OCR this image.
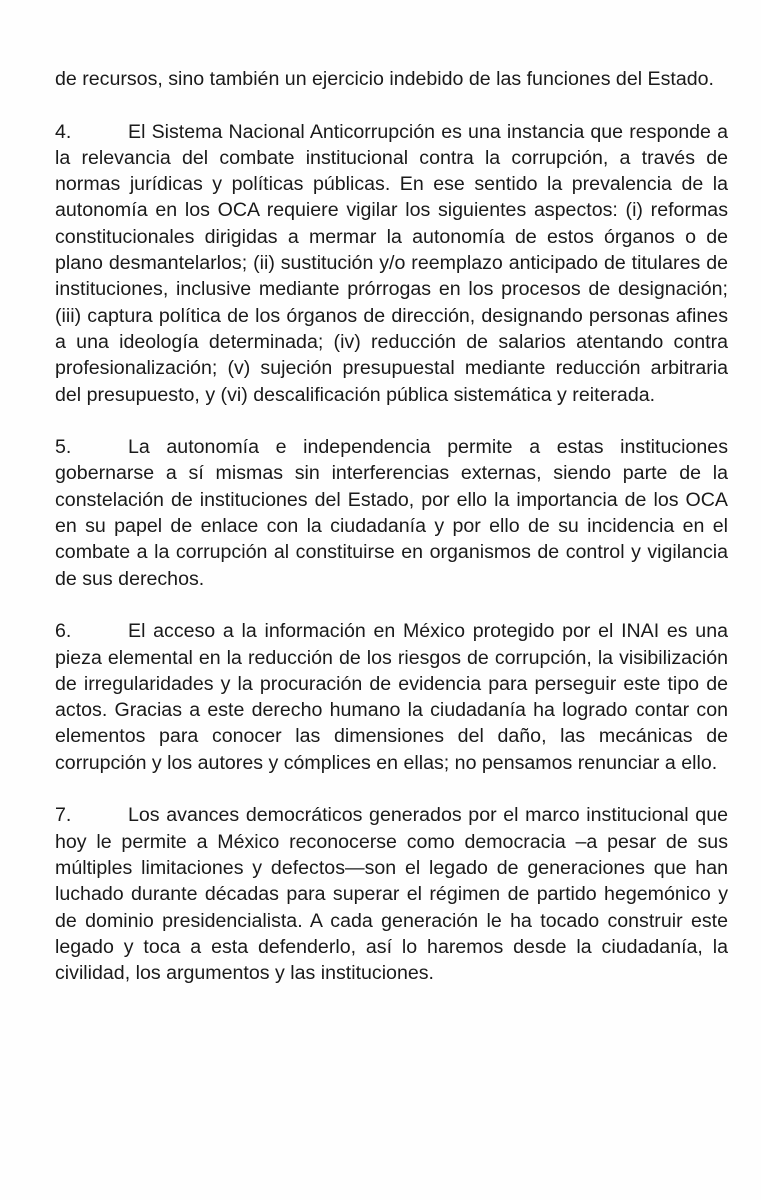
de recursos, sino también un ejercicio indebido de las funciones del Estado.

4.	El Sistema Nacional Anticorrupción es una instancia que responde a la relevancia del combate institucional contra la corrupción, a través de normas jurídicas y políticas públicas. En ese sentido la prevalencia de la autonomía en los OCA requiere vigilar los siguientes aspectos: (i) reformas constitucionales dirigidas a mermar la autonomía de estos órganos o de plano desmantelarlos; (ii) sustitución y/o reemplazo anticipado de titulares de instituciones, inclusive mediante prórrogas en los procesos de designación; (iii) captura política de los órganos de dirección, designando personas afines a una ideología determinada; (iv) reducción de salarios atentando contra profesionalización; (v) sujeción presupuestal mediante reducción arbitraria del presupuesto, y (vi) descalificación pública sistemática y reiterada.

5.	La autonomía e independencia permite a estas instituciones gobernarse a sí mismas sin interferencias externas, siendo parte de la constelación de instituciones del Estado, por ello la importancia de los OCA en su papel de enlace con la ciudadanía y por ello de su incidencia en el combate a la corrupción al constituirse en organismos de control y vigilancia de sus derechos.

6.	El acceso a la información en México protegido por el INAI es una pieza elemental en la reducción de los riesgos de corrupción, la visibilización de irregularidades y la procuración de evidencia para perseguir este tipo de actos. Gracias a este derecho humano la ciudadanía ha logrado contar con elementos para conocer las dimensiones del daño, las mecánicas de corrupción y los autores y cómplices en ellas; no pensamos renunciar a ello.

7.	Los avances democráticos generados por el marco institucional que hoy le permite a México reconocerse como democracia –a pesar de sus múltiples limitaciones y defectos—son el legado de generaciones que han luchado durante décadas para superar el régimen de partido hegemónico y de dominio presidencialista. A cada generación le ha tocado construir este legado y toca a esta defenderlo, así lo haremos desde la ciudadanía, la civilidad, los argumentos y las instituciones.
